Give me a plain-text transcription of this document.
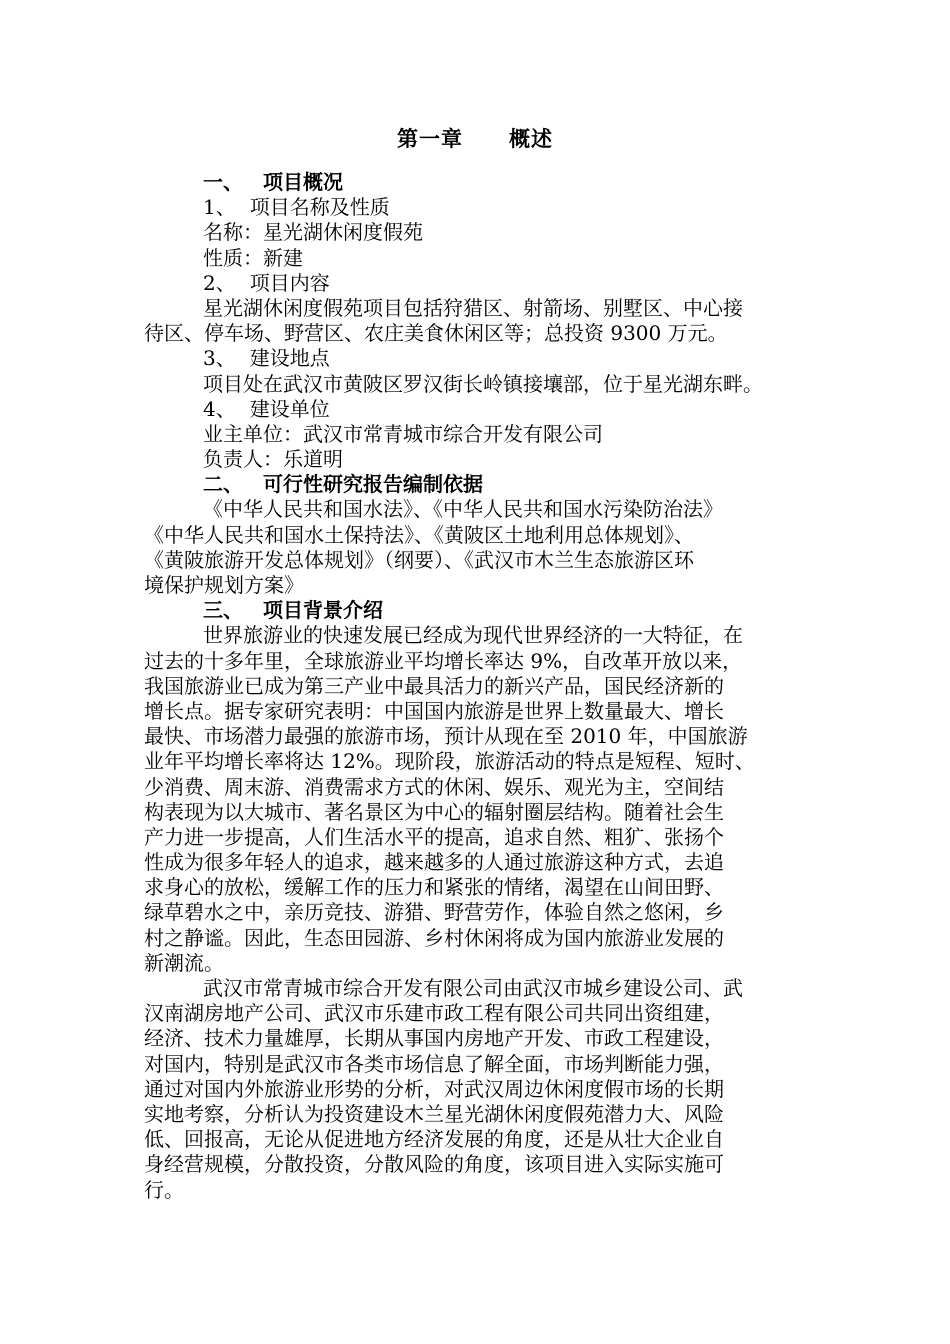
第一章 概述
一、 项目概况
1、 项目名称及性质
名称：星光湖休闲度假苑
性质：新建
2、 项目内容
星光湖休闲度假苑项目包括狩猎区、射箭场、别墅区、中心接
待区、停车场、野营区、农庄美食休闲区等；总投资 9300 万元。
3、 建设地点
项目处在武汉市黄陂区罗汉街长岭镇接壤部，位于星光湖东畔。
4、 建设单位
业主单位：武汉市常青城市综合开发有限公司
负责人：乐道明
二、 可行性研究报告编制依据
《中华人民共和国水法》、《中华人民共和国水污染防治法》
《中华人民共和国水土保持法》、《黄陂区土地利用总体规划》、
《黄陂旅游开发总体规划》（纲要）、《武汉市木兰生态旅游区环
境保护规划方案》
三、 项目背景介绍
世界旅游业的快速发展已经成为现代世界经济的一大特征，在
过去的十多年里，全球旅游业平均增长率达 9%，自改革开放以来，
我国旅游业已成为第三产业中最具活力的新兴产品，国民经济新的
增长点。据专家研究表明：中国国内旅游是世界上数量最大、增长
最快、市场潜力最强的旅游市场，预计从现在至 2010 年，中国旅游
业年平均增长率将达 12%。现阶段，旅游活动的特点是短程、短时、
少消费、周末游、消费需求方式的休闲、娱乐、观光为主，空间结
构表现为以大城市、著名景区为中心的辐射圈层结构。随着社会生
产力进一步提高，人们生活水平的提高，追求自然、粗犷、张扬个
性成为很多年轻人的追求，越来越多的人通过旅游这种方式，去追
求身心的放松，缓解工作的压力和紧张的情绪，渴望在山间田野、
绿草碧水之中，亲历竞技、游猎、野营劳作，体验自然之悠闲，乡
村之静谧。因此，生态田园游、乡村休闲将成为国内旅游业发展的
新潮流。
武汉市常青城市综合开发有限公司由武汉市城乡建设公司、武
汉南湖房地产公司、武汉市乐建市政工程有限公司共同出资组建，
经济、技术力量雄厚，长期从事国内房地产开发、市政工程建设，
对国内，特别是武汉市各类市场信息了解全面，市场判断能力强，
通过对国内外旅游业形势的分析，对武汉周边休闲度假市场的长期
实地考察，分析认为投资建设木兰星光湖休闲度假苑潜力大、风险
低、回报高，无论从促进地方经济发展的角度，还是从壮大企业自
身经营规模，分散投资，分散风险的角度，该项目进入实际实施可
行。
